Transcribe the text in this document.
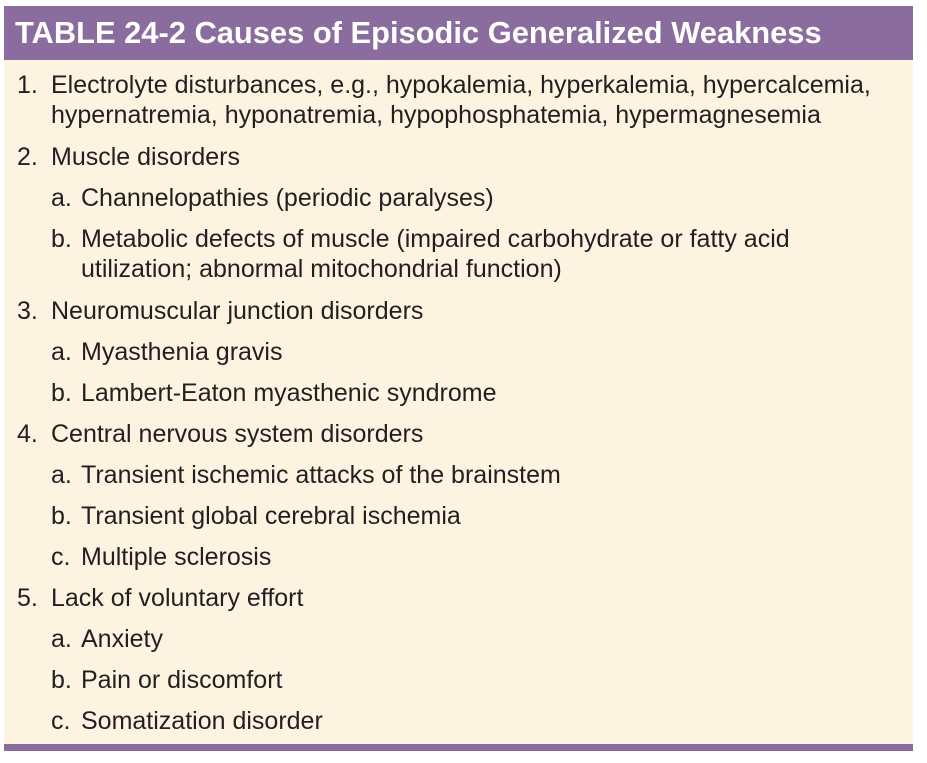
TABLE 24-2 Causes of Episodic Generalized Weakness
1. Electrolyte disturbances, e.g., hypokalemia, hyperkalemia, hypercalcemia,
hypernatremia, hyponatremia, hypophosphatemia, hypermagnesemia
2. Muscle disorders
a. Channelopathies (periodic paralyses)
b. Metabolic defects of muscle (impaired carbohydrate or fatty acid
utilization; abnormal mitochondrial function)
3. Neuromuscular junction disorders
a. Myasthenia gravis
b. Lambert-Eaton myasthenic syndrome
4. Central nervous system disorders
a. Transient ischemic attacks of the brainstem
b. Transient global cerebral ischemia
c. Multiple sclerosis
5. Lack of voluntary effort
a. Anxiety
b. Pain or discomfort
c. Somatization disorder
